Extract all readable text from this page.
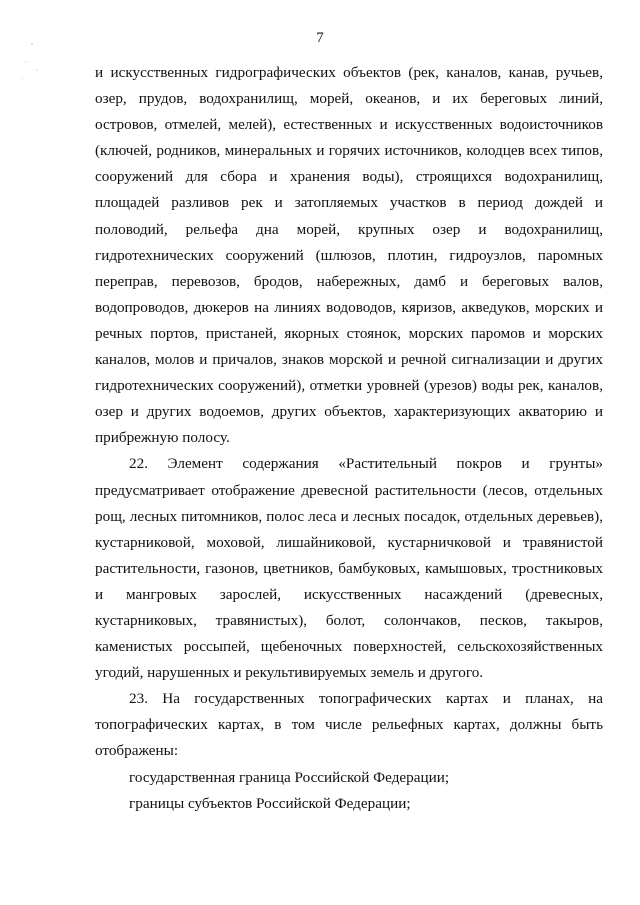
7

и искусственных гидрографических объектов (рек, каналов, канав, ручьев, озер, прудов, водохранилищ, морей, океанов, и их береговых линий, островов, отмелей, мелей), естественных и искусственных водоисточников (ключей, родников, минеральных и горячих источников, колодцев всех типов, сооружений для сбора и хранения воды), строящихся водохранилищ, площадей разливов рек и затопляемых участков в период дождей и половодий, рельефа дна морей, крупных озер и водохранилищ, гидротехнических сооружений (шлюзов, плотин, гидроузлов, паромных переправ, перевозов, бродов, набережных, дамб и береговых валов, водопроводов, дюкеров на линиях водоводов, кяризов, акведуков, морских и речных портов, пристаней, якорных стоянок, морских паромов и морских каналов, молов и причалов, знаков морской и речной сигнализации и других гидротехнических сооружений), отметки уровней (урезов) воды рек, каналов, озер и других водоемов, других объектов, характеризующих акваторию и прибрежную полосу.

22. Элемент содержания «Растительный покров и грунты» предусматривает отображение древесной растительности (лесов, отдельных рощ, лесных питомников, полос леса и лесных посадок, отдельных деревьев), кустарниковой, моховой, лишайниковой, кустарничковой и травянистой растительности, газонов, цветников, бамбуковых, камышовых, тростниковых и мангровых зарослей, искусственных насаждений (древесных, кустарниковых, травянистых), болот, солончаков, песков, такыров, каменистых россыпей, щебеночных поверхностей, сельскохозяйственных угодий, нарушенных и рекультивируемых земель и другого.

23. На государственных топографических картах и планах, на топографических картах, в том числе рельефных картах, должны быть отображены:

государственная граница Российской Федерации;

границы субъектов Российской Федерации;
